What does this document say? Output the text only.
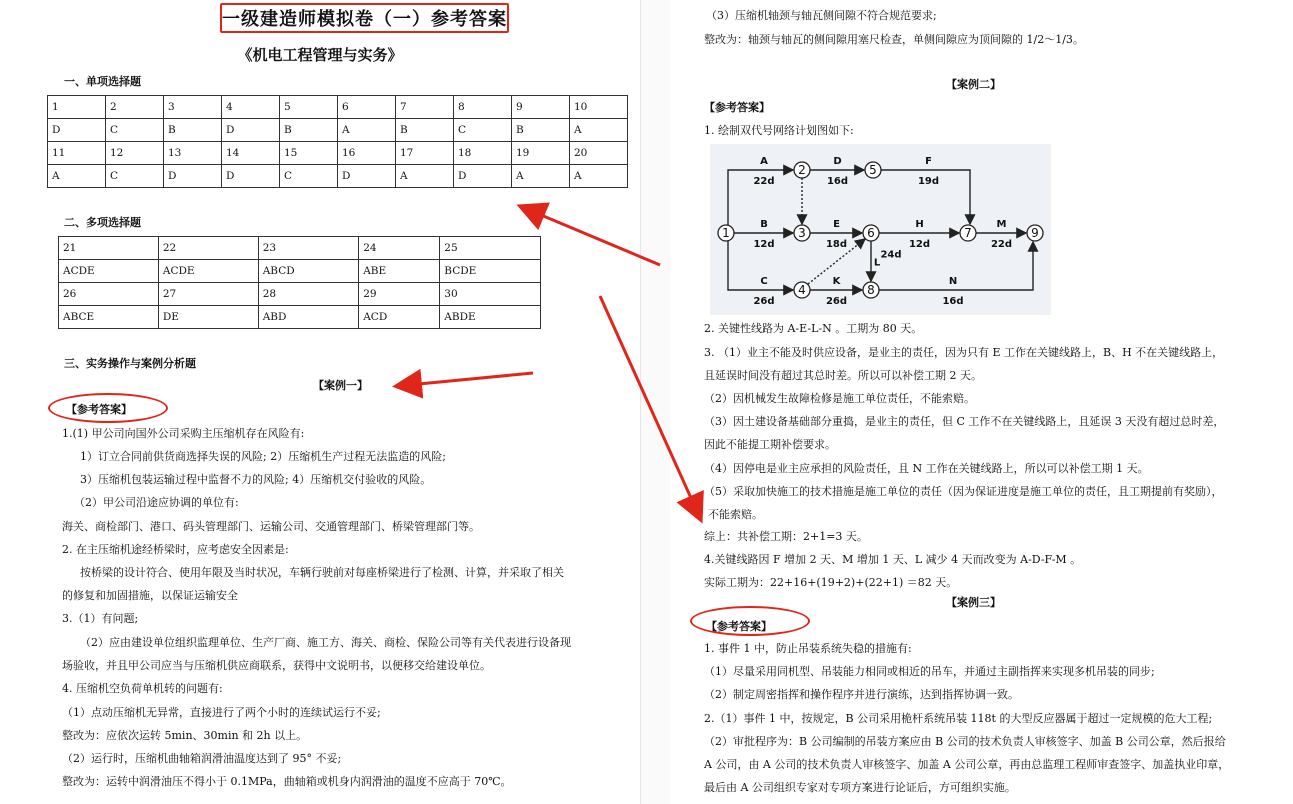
一级建造师模拟卷（一）参考答案
《机电工程管理与实务》
一、单项选择题
1	2	3	4	5	6	7	8	9	10
D	C	B	D	B	A	B	C	B	A
11	12	13	14	15	16	17	18	19	20
A	C	D	D	C	D	A	D	A	A
二、多项选择题
21	22	23	24	25
ACDE	ACDE	ABCD	ABE	BCDE
26	27	28	29	30
ABCE	DE	ABD	ACD	ABDE
三、实务操作与案例分析题
【案例一】
【参考答案】
1.(1) 甲公司向国外公司采购主压缩机存在风险有:
1）订立合同前供货商选择失误的风险; 2）压缩机生产过程无法监造的风险;
3）压缩机包装运输过程中监督不力的风险; 4）压缩机交付验收的风险。
（2）甲公司沿途应协调的单位有:
海关、商检部门、港口、码头管理部门、运输公司、交通管理部门、桥梁管理部门等。
2. 在主压缩机途经桥梁时，应考虑安全因素是:
按桥梁的设计符合、使用年限及当时状况，车辆行驶前对每座桥梁进行了检测、计算，并采取了相关
的修复和加固措施，以保证运输安全
3.（1）有问题;
（2）应由建设单位组织监理单位、生产厂商、施工方、海关、商检、保险公司等有关代表进行设备现
场验收，并且甲公司应当与压缩机供应商联系，获得中文说明书，以便移交给建设单位。
4. 压缩机空负荷单机转的问题有:
（1）点动压缩机无异常，直接进行了两个小时的连续试运行不妥;
整改为：应依次运转 5min、30min 和 2h 以上。
（2）运行时，压缩机曲轴箱润滑油温度达到了 95° 不妥;
整改为：运转中润滑油压不得小于 0.1MPa，曲轴箱或机身内润滑油的温度不应高于 70℃。
（3）压缩机轴颈与轴瓦侧间隙不符合规范要求;
整改为：轴颈与轴瓦的侧间隙用塞尺检查，单侧间隙应为顶间隙的 1/2～1/3。
【案例二】
【参考答案】
1. 绘制双代号网络计划图如下:
1
2
3
4
5
6	7
8
9
A
22d
D
16d
F
19d
B
12d
E
18d
H
12d
M
22d
L
24d
C
26d
K
26d
N
16d
2. 关键性线路为 A-E-L-N 。工期为 80 天。
3. （1）业主不能及时供应设备，是业主的责任，因为只有 E 工作在关键线路上，B、H 不在关键线路上，
且延误时间没有超过其总时差。所以可以补偿工期 2 天。
（2）因机械发生故障检修是施工单位责任，不能索赔。
（3）因土建设备基础部分重捣，是业主的责任，但 C 工作不在关键线路上，且延误 3 天没有超过总时差，
因此不能提工期补偿要求。
（4）因停电是业主应承担的风险责任，且 N 工作在关键线路上，所以可以补偿工期 1 天。
（5）采取加快施工的技术措施是施工单位的责任（因为保证进度是施工单位的责任，且工期提前有奖励），
不能索赔。
综上：共补偿工期：2+1=3 天。
4.关键线路因 F 增加 2 天、M 增加 1 天、L 减少 4 天而改变为 A-D-F-M 。
实际工期为：22+16+(19+2)+(22+1) ＝82 天。
【案例三】
【参考答案】
1. 事件 1 中，防止吊装系统失稳的措施有:
（1）尽量采用同机型、吊装能力相同或相近的吊车，并通过主副指挥来实现多机吊装的同步;
（2）制定周密指挥和操作程序并进行演练，达到指挥协调一致。
2.（1）事件 1 中，按规定，B 公司采用桅杆系统吊装 118t 的大型反应器属于超过一定规模的危大工程;
（2）审批程序为：B 公司编制的吊装方案应由 B 公司的技术负责人审核签字、加盖 B 公司公章，然后报给
A 公司，由 A 公司的技术负责人审核签字、加盖 A 公司公章，再由总监理工程师审查签字、加盖执业印章，
最后由 A 公司组织专家对专项方案进行论证后，方可组织实施。
